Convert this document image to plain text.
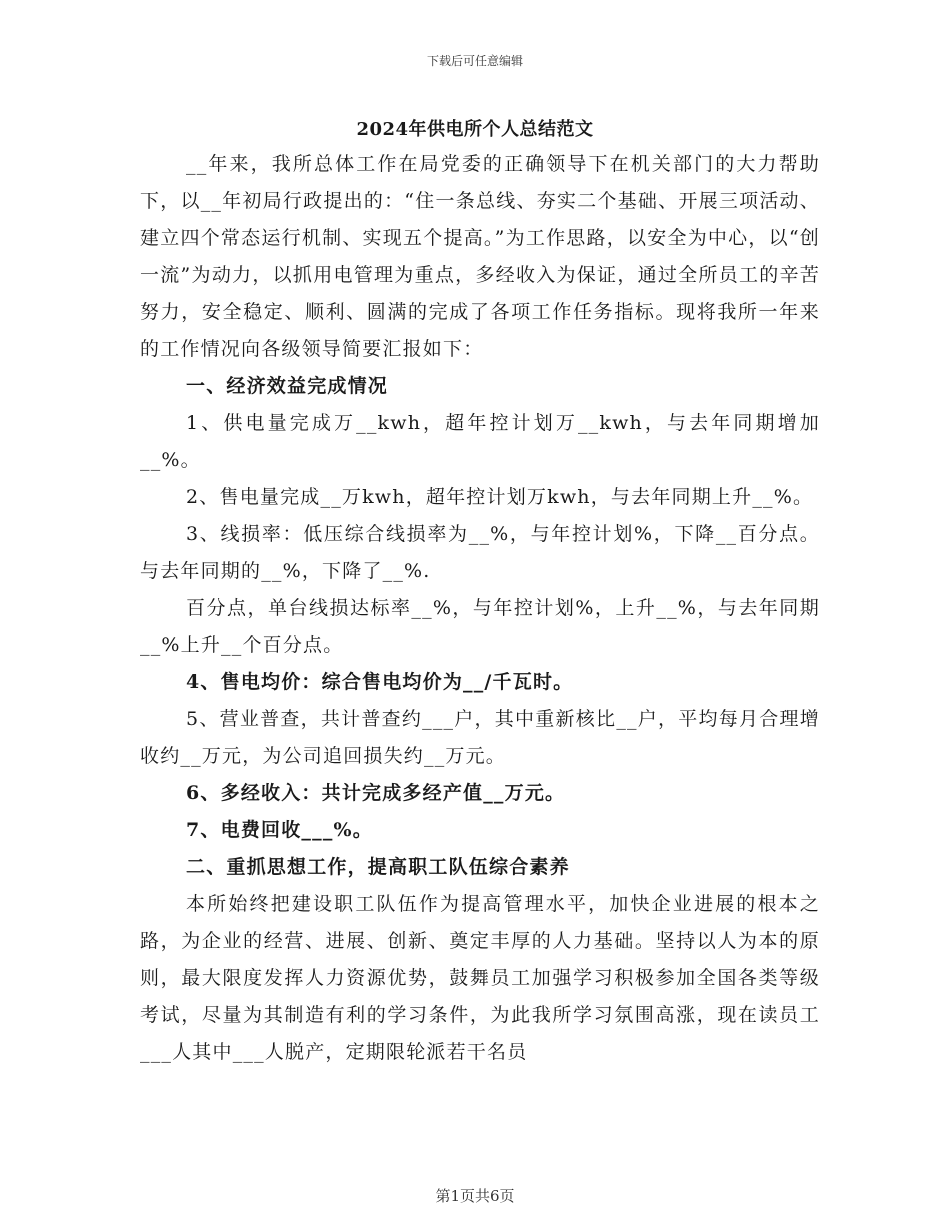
下载后可任意编辑
2024年供电所个人总结范文

__年来，我所总体工作在局党委的正确领导下在机关部门的大力帮助下，以__年初局行政提出的：“住一条总线、夯实二个基础、开展三项活动、建立四个常态运行机制、实现五个提高。”为工作思路，以安全为中心，以“创一流”为动力，以抓用电管理为重点，多经收入为保证，通过全所员工的辛苦努力，安全稳定、顺利、圆满的完成了各项工作任务指标。现将我所一年来的工作情况向各级领导简要汇报如下：

一、经济效益完成情况

1、供电量完成万__kwh，超年控计划万__kwh，与去年同期增加__%。

2、售电量完成__万kwh，超年控计划万kwh，与去年同期上升__%。

3、线损率：低压综合线损率为__%，与年控计划%，下降__百分点。与去年同期的__%，下降了__%.

百分点，单台线损达标率__%，与年控计划%，上升__%，与去年同期__%上升__个百分点。

4、售电均价：综合售电均价为__/千瓦时。

5、营业普查，共计普查约___户，其中重新核比__户，平均每月合理增收约__万元，为公司追回损失约__万元。

6、多经收入：共计完成多经产值__万元。

7、电费回收___%。

二、重抓思想工作，提高职工队伍综合素养

本所始终把建设职工队伍作为提高管理水平，加快企业进展的根本之路，为企业的经营、进展、创新、奠定丰厚的人力基础。坚持以人为本的原则，最大限度发挥人力资源优势，鼓舞员工加强学习积极参加全国各类等级考试，尽量为其制造有利的学习条件，为此我所学习氛围高涨，现在读员工___人其中___人脱产，定期限轮派若干名员

第1页共6页
